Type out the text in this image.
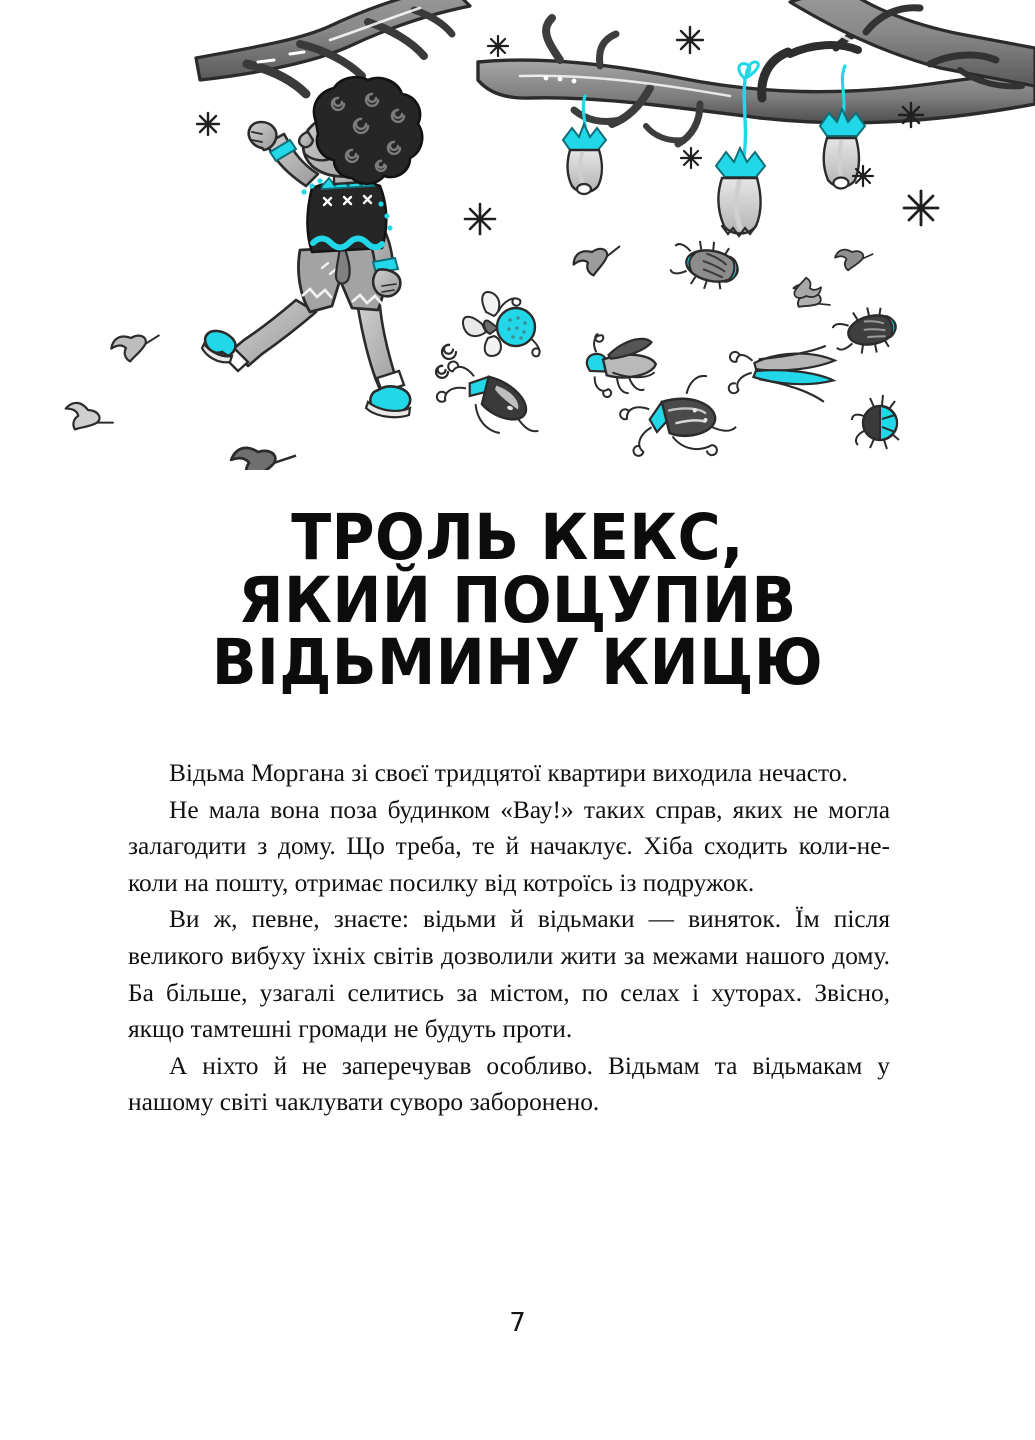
ТРОЛЬ КЕКС,
ЯКИЙ ПОЦУПИВ
ВІДЬМИНУ КИЦЮ

Відьма Моргана зі своєї тридцятої квартири виходила нечасто.

Не мала вона поза будинком «Вау!» таких справ, яких не могла залагодити з дому. Що треба, те й начаклує. Хіба сходить коли-не-коли на пошту, отримає посилку від котроїсь із подружок.

Ви ж, певне, знаєте: відьми й відьмаки — виняток. Їм після великого вибуху їхніх світів дозволили жити за межами нашого дому. Ба більше, узагалі селитись за містом, по селах і хуторах. Звісно, якщо тамтешні громади не будуть проти.

А ніхто й не заперечував особливо. Відьмам та відьмакам у нашому світі чаклувати суворо заборонено.

7
